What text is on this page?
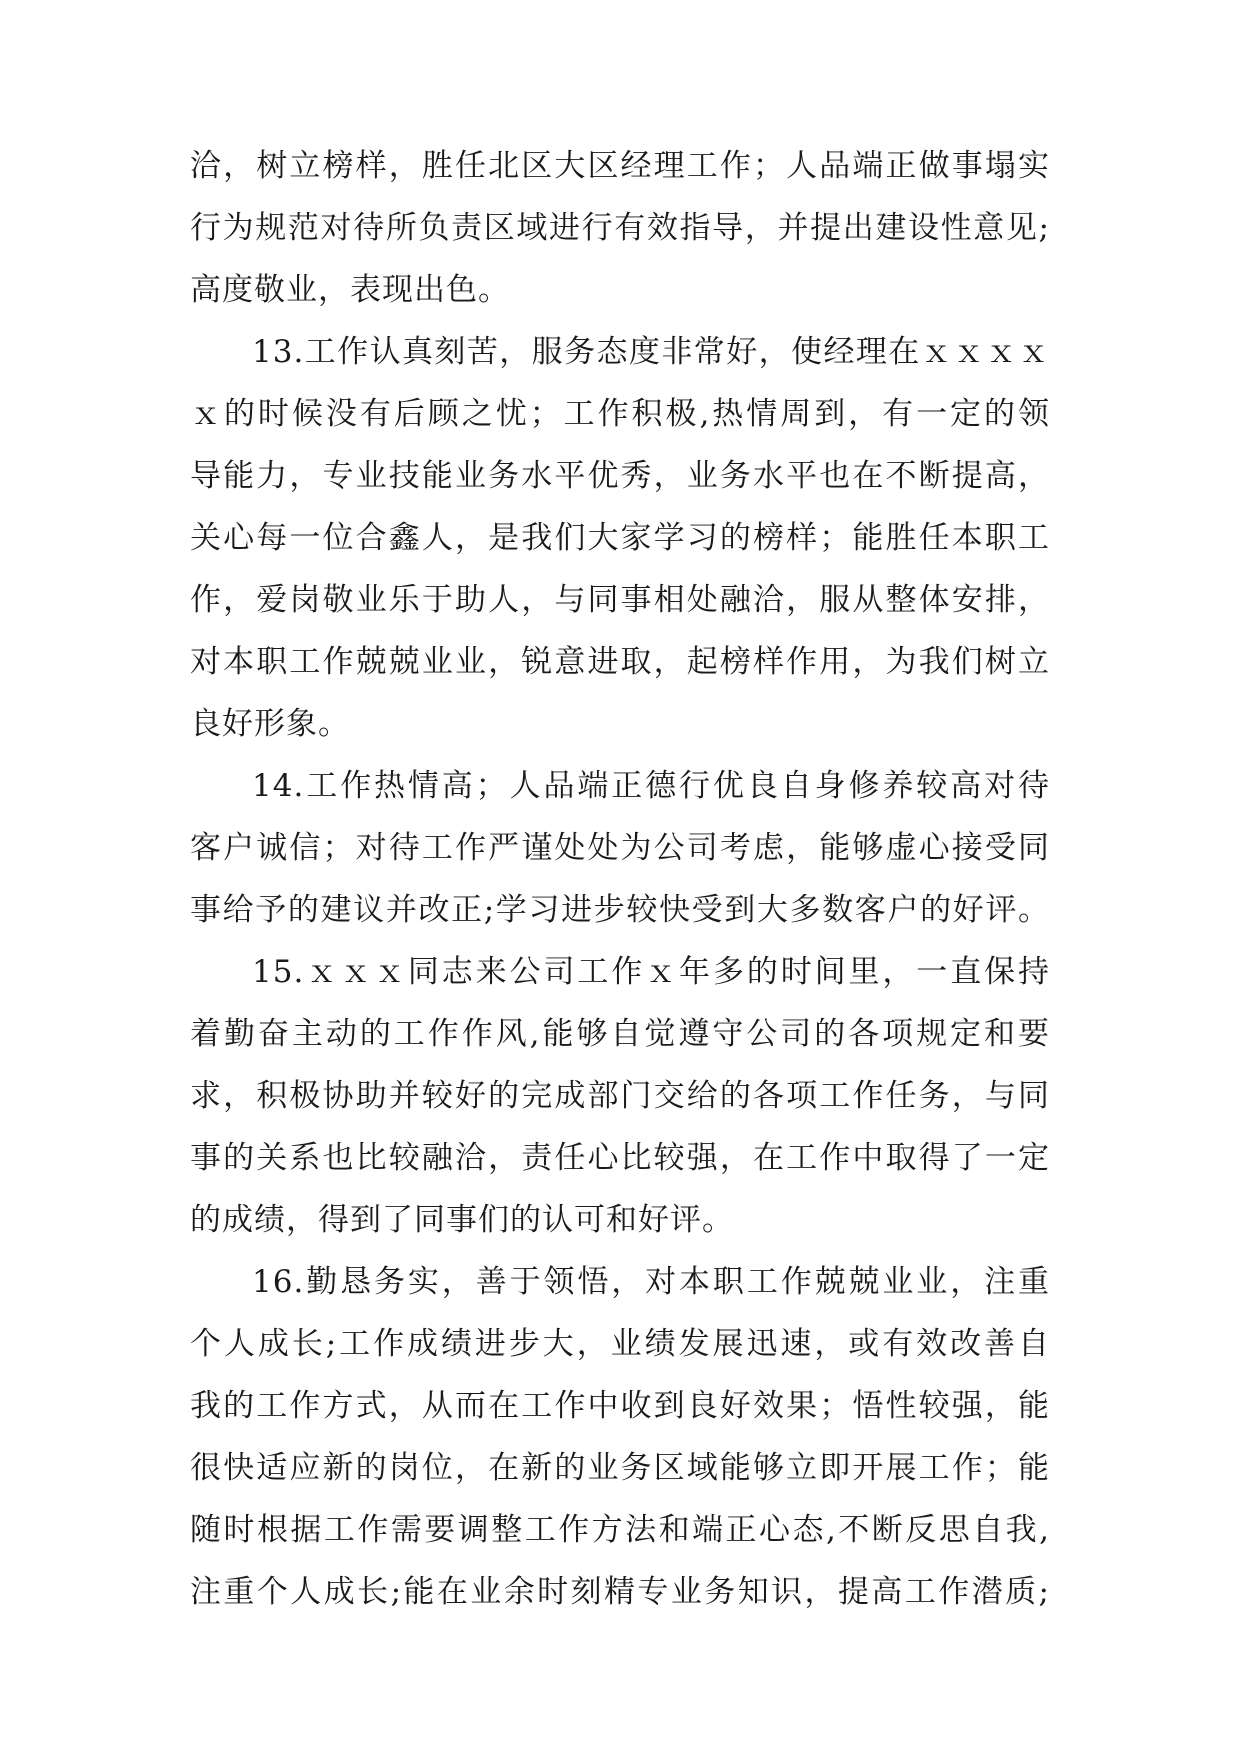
洽，树立榜样，胜任北区大区经理工作；人品端正做事塌实
行为规范对待所负责区域进行有效指导，并提出建设性意见;
高度敬业，表现出色。
13.工作认真刻苦，服务态度非常好，使经理在ｘｘｘｘ
ｘ的时候没有后顾之忧；工作积极,热情周到，有一定的领
导能力，专业技能业务水平优秀，业务水平也在不断提高，
关心每一位合鑫人，是我们大家学习的榜样；能胜任本职工
作，爱岗敬业乐于助人，与同事相处融洽，服从整体安排，
对本职工作兢兢业业，锐意进取，起榜样作用，为我们树立
良好形象。
14.工作热情高；人品端正德行优良自身修养较高对待
客户诚信；对待工作严谨处处为公司考虑，能够虚心接受同
事给予的建议并改正;学习进步较快受到大多数客户的好评。
15.ｘｘｘ同志来公司工作ｘ年多的时间里，一直保持
着勤奋主动的工作作风,能够自觉遵守公司的各项规定和要
求，积极协助并较好的完成部门交给的各项工作任务，与同
事的关系也比较融洽，责任心比较强，在工作中取得了一定
的成绩，得到了同事们的认可和好评。
16.勤恳务实，善于领悟，对本职工作兢兢业业，注重
个人成长;工作成绩进步大，业绩发展迅速，或有效改善自
我的工作方式，从而在工作中收到良好效果；悟性较强，能
很快适应新的岗位，在新的业务区域能够立即开展工作；能
随时根据工作需要调整工作方法和端正心态,不断反思自我,
注重个人成长;能在业余时刻精专业务知识，提高工作潜质;
